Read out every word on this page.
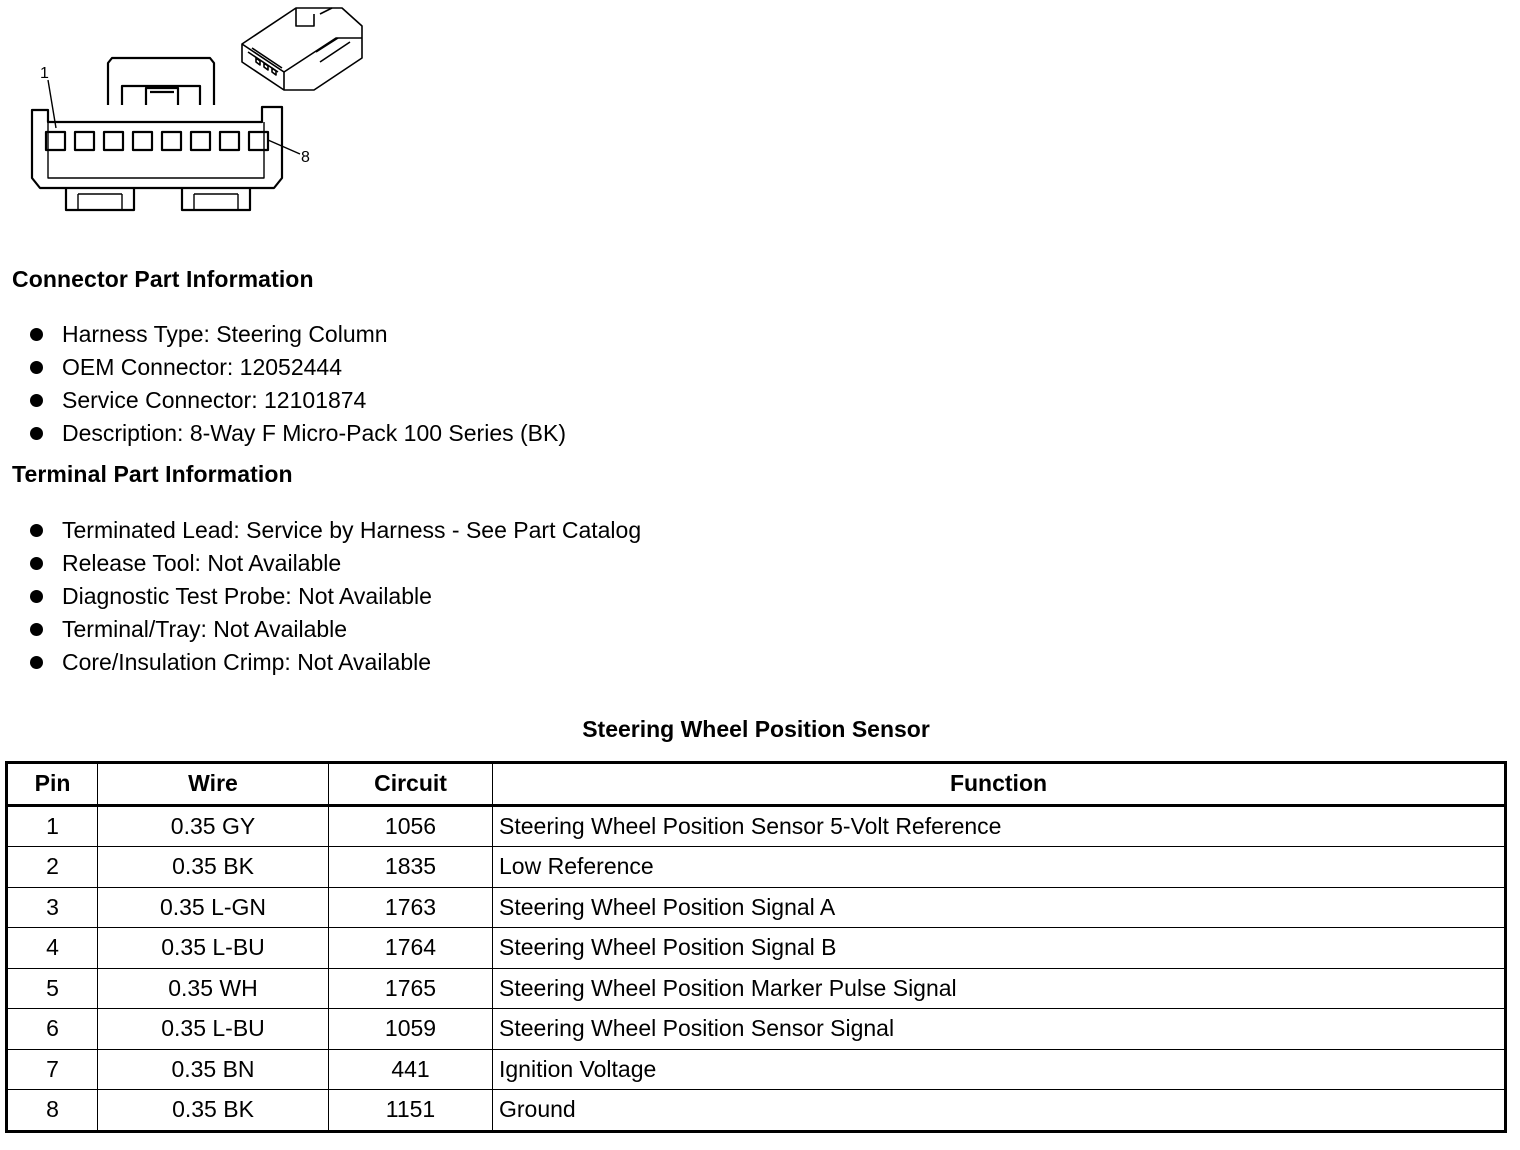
1
8
Connector Part Information
Harness Type: Steering Column
OEM Connector: 12052444
Service Connector: 12101874
Description: 8-Way F Micro-Pack 100 Series (BK)
Terminal Part Information
Terminated Lead: Service by Harness - See Part Catalog
Release Tool: Not Available
Diagnostic Test Probe: Not Available
Terminal/Tray: Not Available
Core/Insulation Crimp: Not Available
Steering Wheel Position Sensor
Pin	Wire	Circuit	Function
1	0.35 GY	1056	Steering Wheel Position Sensor 5-Volt Reference
2	0.35 BK	1835	Low Reference
3	0.35 L-GN	1763	Steering Wheel Position Signal A
4	0.35 L-BU	1764	Steering Wheel Position Signal B
5	0.35 WH	1765	Steering Wheel Position Marker Pulse Signal
6	0.35 L-BU	1059	Steering Wheel Position Sensor Signal
7	0.35 BN	441	Ignition Voltage
8	0.35 BK	1151	Ground
